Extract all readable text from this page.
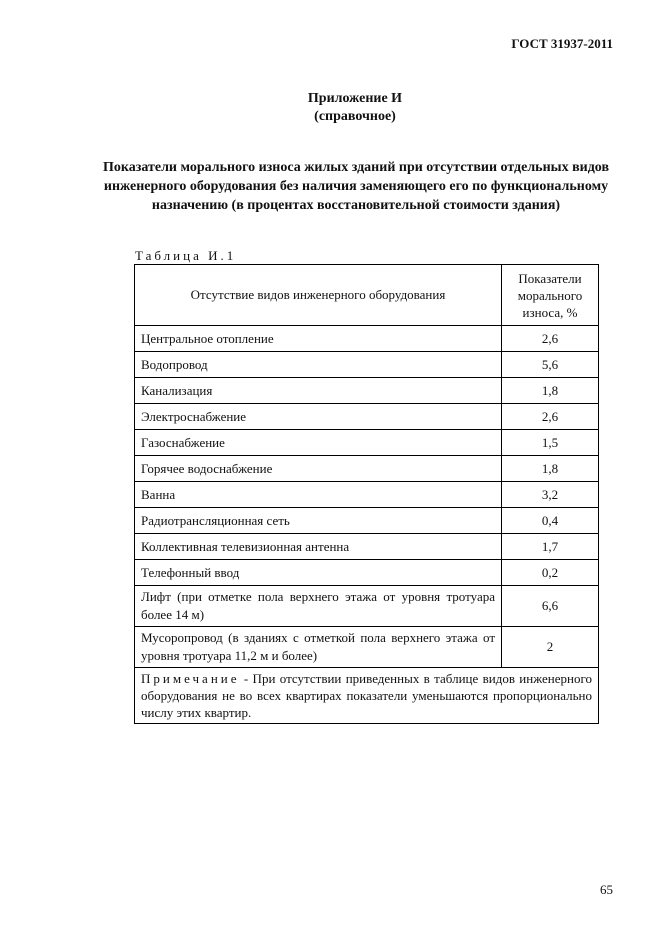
ГОСТ 31937-2011
Приложение И
(справочное)
Показатели морального износа жилых зданий при отсутствии отдельных видов инженерного оборудования без наличия заменяющего его по функциональному назначению (в процентах восстановительной стоимости здания)
Таблица И.1
Отсутствие видов инженерного оборудования	Показатели морального износа, %
Центральное отопление	2,6
Водопровод	5,6
Канализация	1,8
Электроснабжение	2,6
Газоснабжение	1,5
Горячее водоснабжение	1,8
Ванна	3,2
Радиотрансляционная сеть	0,4
Коллективная телевизионная антенна	1,7
Телефонный ввод	0,2
Лифт (при отметке пола верхнего этажа от уровня тротуара более 14 м)	6,6
Мусоропровод (в зданиях с отметкой пола верхнего этажа от уровня тротуара 11,2 м и более)	2
Примечание - При отсутствии приведенных в таблице видов инженерного оборудования не во всех квартирах показатели уменьшаются пропорционально числу этих квартир.	
65
